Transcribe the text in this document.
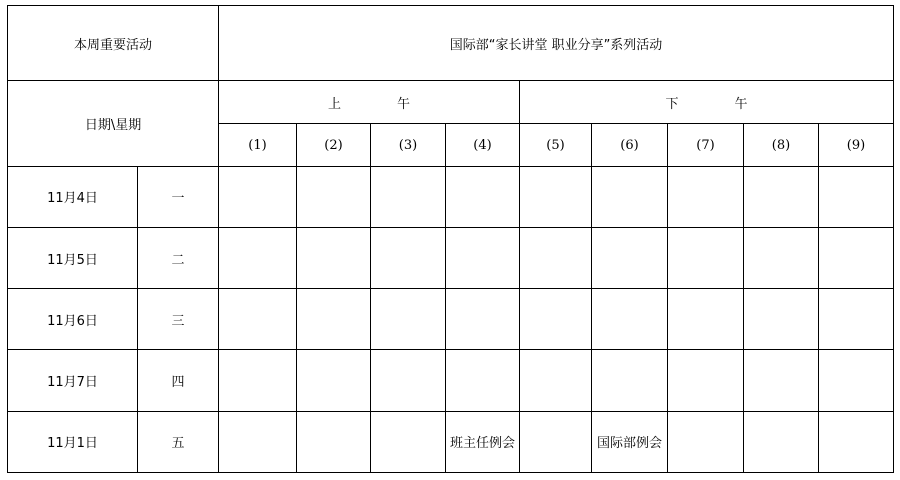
本周重要活动		国际部“家长讲堂 职业分享”系列活动								
日期\星期		上 午				下 午				
		(1)	(2)	(3)	(4)	(5)	(6)	(7)	(8)	(9)
11月4日	一									
11月5日	二									
11月6日	三									
11月7日	四									
11月1日	五				班主任例会		国际部例会			
